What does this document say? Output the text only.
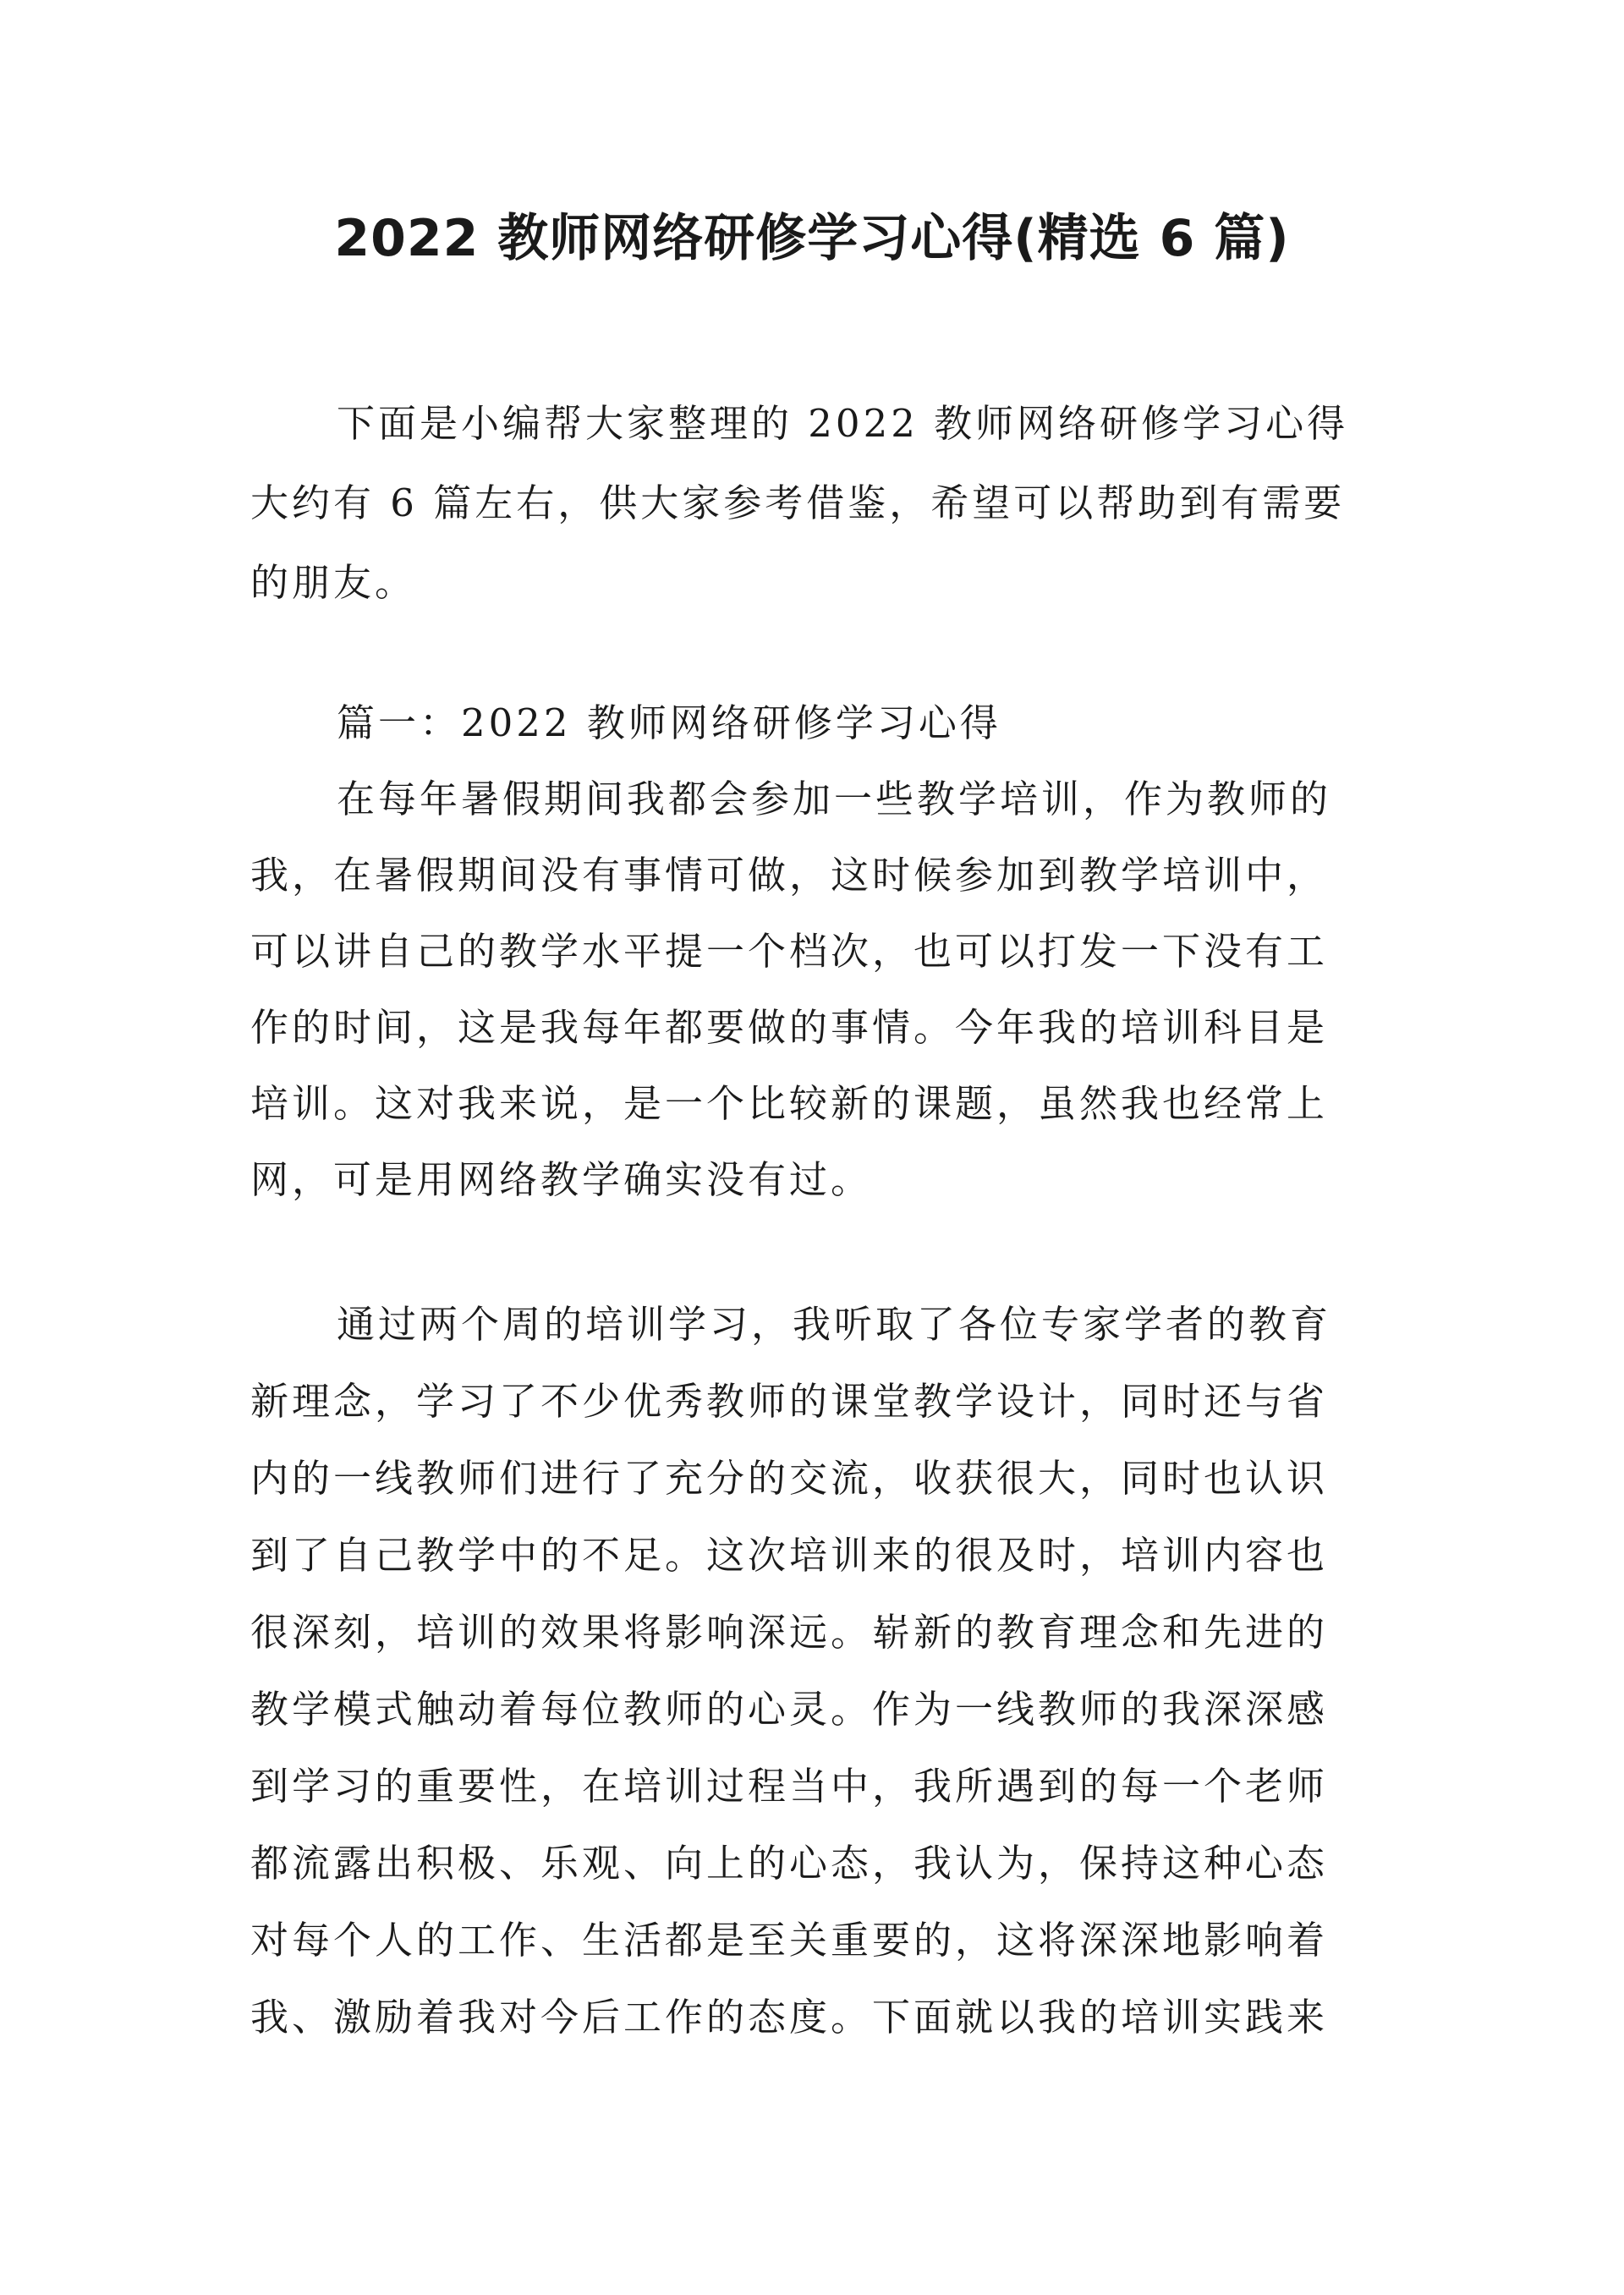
2022 教师网络研修学习心得(精选 6 篇)
下面是小编帮大家整理的 2022 教师网络研修学习心得
大约有 6 篇左右，供大家参考借鉴，希望可以帮助到有需要
的朋友。
篇一：2022 教师网络研修学习心得
在每年暑假期间我都会参加一些教学培训，作为教师的
我，在暑假期间没有事情可做，这时候参加到教学培训中，
可以讲自己的教学水平提一个档次，也可以打发一下没有工
作的时间，这是我每年都要做的事情。今年我的培训科目是
培训。这对我来说，是一个比较新的课题，虽然我也经常上
网，可是用网络教学确实没有过。
通过两个周的培训学习，我听取了各位专家学者的教育
新理念，学习了不少优秀教师的课堂教学设计，同时还与省
内的一线教师们进行了充分的交流，收获很大，同时也认识
到了自己教学中的不足。这次培训来的很及时，培训内容也
很深刻，培训的效果将影响深远。崭新的教育理念和先进的
教学模式触动着每位教师的心灵。作为一线教师的我深深感
到学习的重要性，在培训过程当中，我所遇到的每一个老师
都流露出积极、乐观、向上的心态，我认为，保持这种心态
对每个人的工作、生活都是至关重要的，这将深深地影响着
我、激励着我对今后工作的态度。下面就以我的培训实践来
